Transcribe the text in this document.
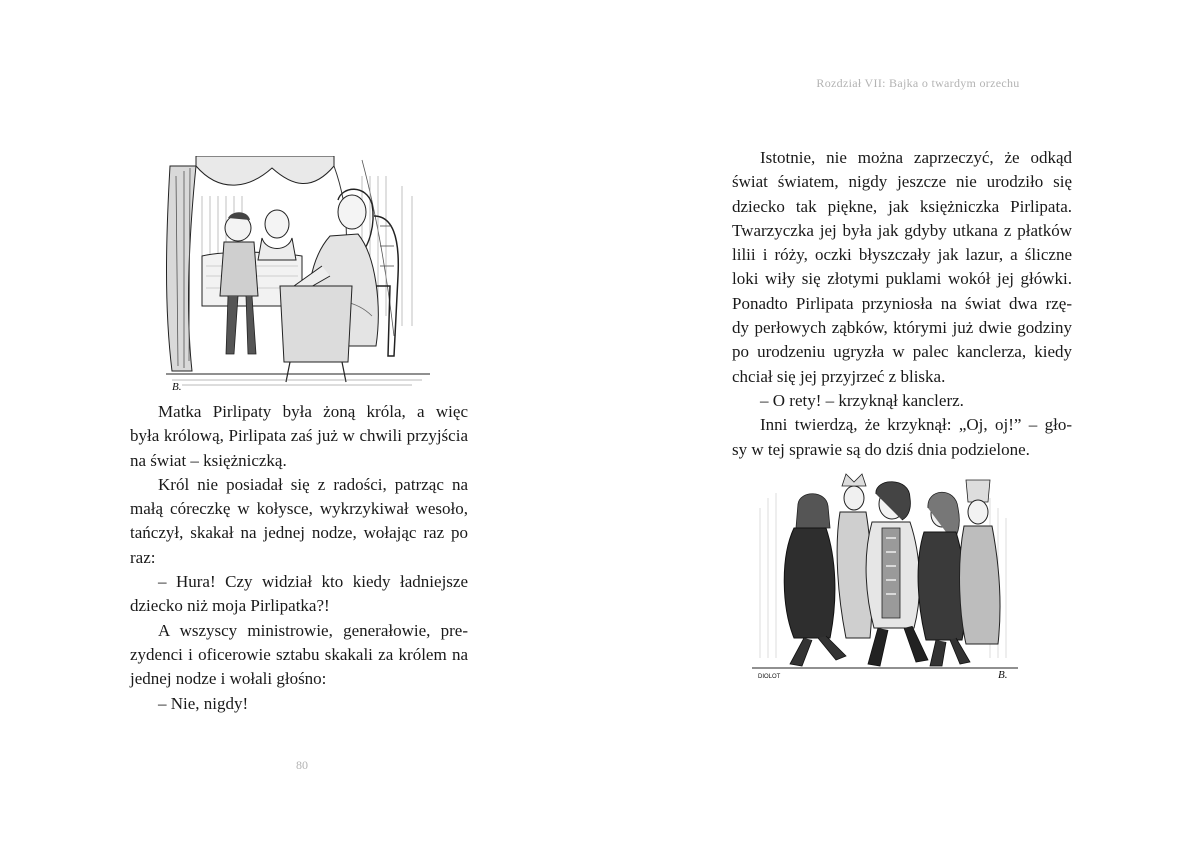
B.
Matka Pirlipaty była żoną króla, a więc
była królową, Pirlipata zaś już w chwili przyjścia
na świat – księżniczką.
Król nie posiadał się z radości, patrząc na
małą córeczkę w kołysce, wykrzykiwał wesoło,
tańczył, skakał na jednej nodze, wołając raz po
raz:
– Hura! Czy widział kto kiedy ładniejsze
dziecko niż moja Pirlipatka?!
A wszyscy ministrowie, generałowie, pre-
zydenci i oficerowie sztabu skakali za królem na
jednej nodze i wołali głośno:
– Nie, nigdy!
80
Rozdział VII: Bajka o twardym orzechu
Istotnie, nie można zaprzeczyć, że odkąd
świat światem, nigdy jeszcze nie urodziło się
dziecko tak piękne, jak księżniczka Pirlipata.
Twarzyczka jej była jak gdyby utkana z płatków
lilii i róży, oczki błyszczały jak lazur, a śliczne
loki wiły się złotymi puklami wokół jej główki.
Ponadto Pirlipata przyniosła na świat dwa rzę-
dy perłowych ząbków, którymi już dwie godziny
po urodzeniu ugryzła w palec kanclerza, kiedy
chciał się jej przyjrzeć z bliska.
– O rety! – krzyknął kanclerz.
Inni twierdzą, że krzyknął: „Oj, oj!” – gło-
sy w tej sprawie są do dziś dnia podzielone.
DIOLOT	B.
